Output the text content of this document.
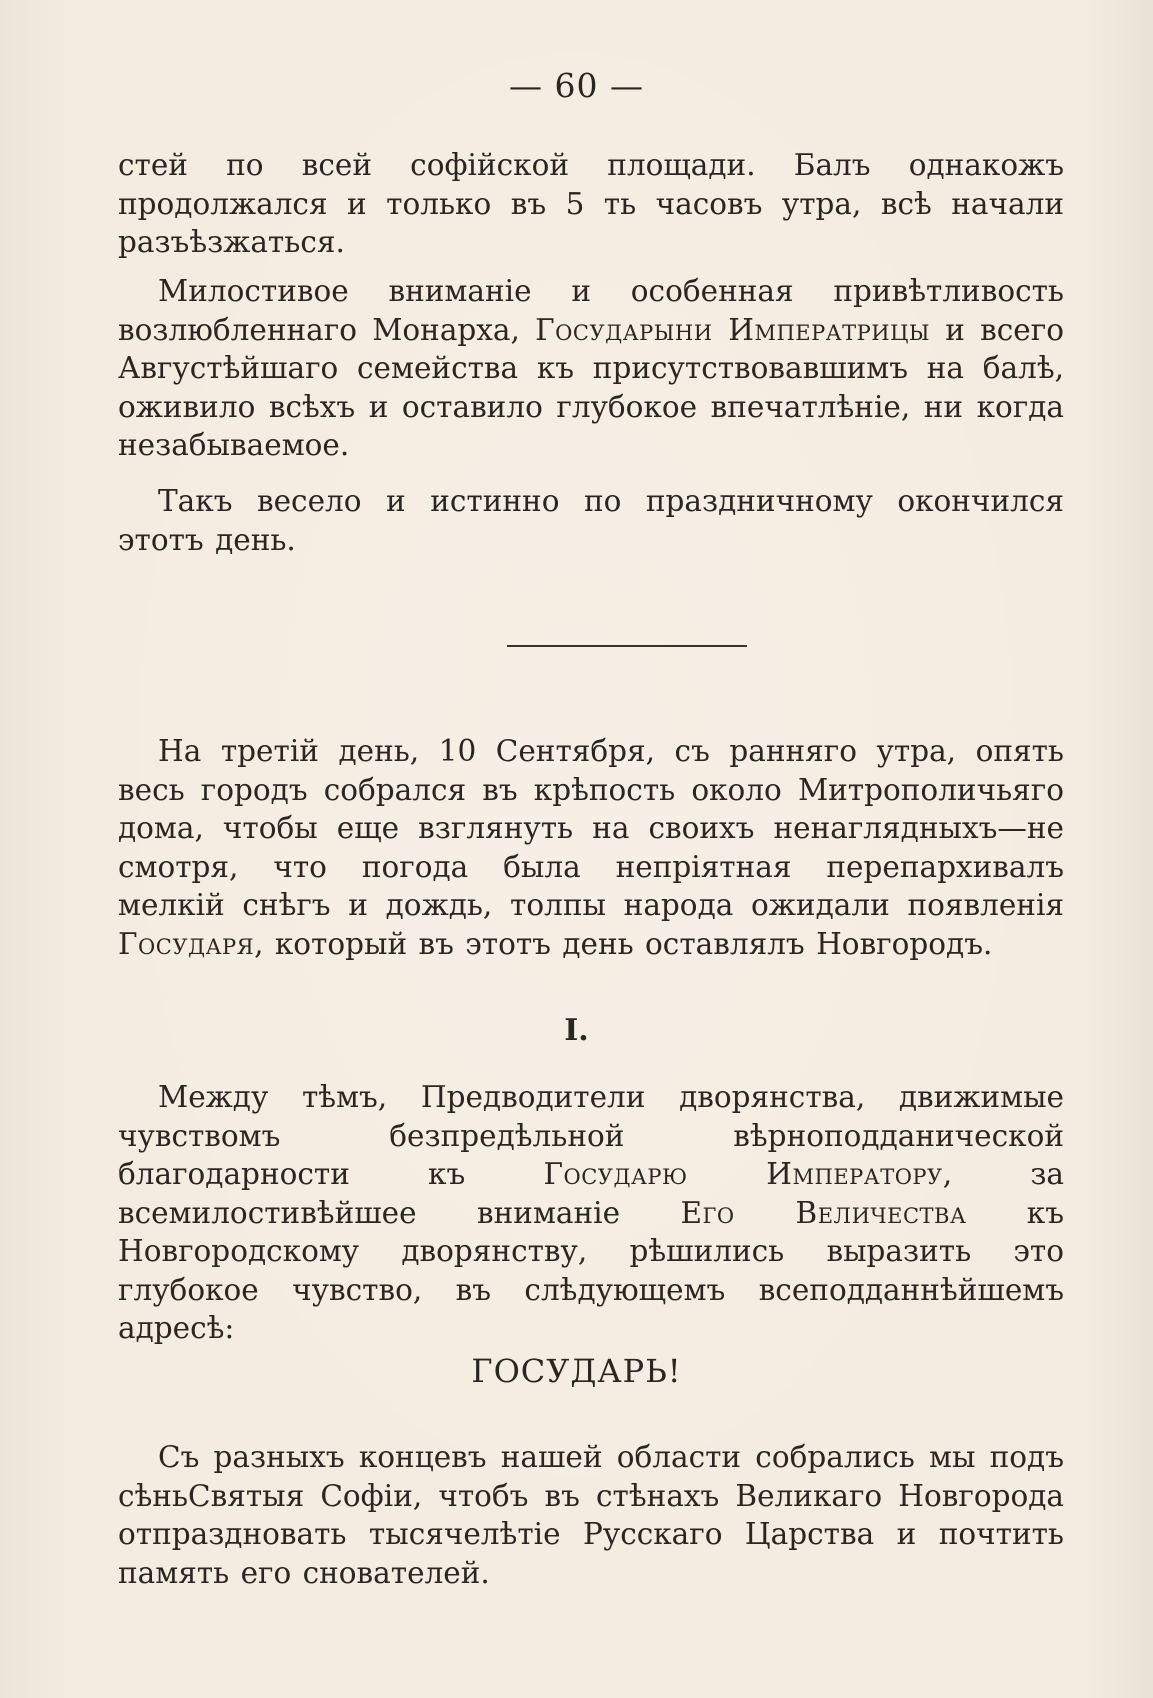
— 60 —

стей по всей софійской площади. Балъ однакожъ продолжался и только въ 5 ть часовъ утра, всѣ начали разъѣзжаться.

Милостивое вниманіе и особенная привѣтливость возлюбленнаго Монарха, Государыни Императрицы и всего Августѣйшаго семейства къ присутствовавшимъ на балѣ, оживило всѣхъ и оставило глубокое впечатлѣніе, ни когда незабываемое.

Такъ весело и истинно по праздничному окончился этотъ день.

На третій день, 10 Сентября, съ ранняго утра, опять весь городъ собрался въ крѣпость около Митрополичьяго дома, чтобы еще взглянуть на своихъ ненаглядныхъ—не смотря, что погода была непріятная перепархивалъ мелкій снѣгъ и дождь, толпы народа ожидали появленія Государя, который въ этотъ день оставлялъ Новгородъ.

I.

Между тѣмъ, Предводители дворянства, движимые чувствомъ безпредѣльной вѣрноподданической благодарности къ Государю Императору, за всемилостивѣйшее вниманіе Его Величества къ Новгородскому дворянству, рѣшились выразить это глубокое чувство, въ слѣдующемъ всеподданнѣйшемъ адресѣ:

ГОСУДАРЬ!

Съ разныхъ концевъ нашей области собрались мы подъ сѣньСвятыя Софіи, чтобъ въ стѣнахъ Великаго Новгорода отпраздновать тысячелѣтіе Русскаго Царства и почтить память его снователей.
